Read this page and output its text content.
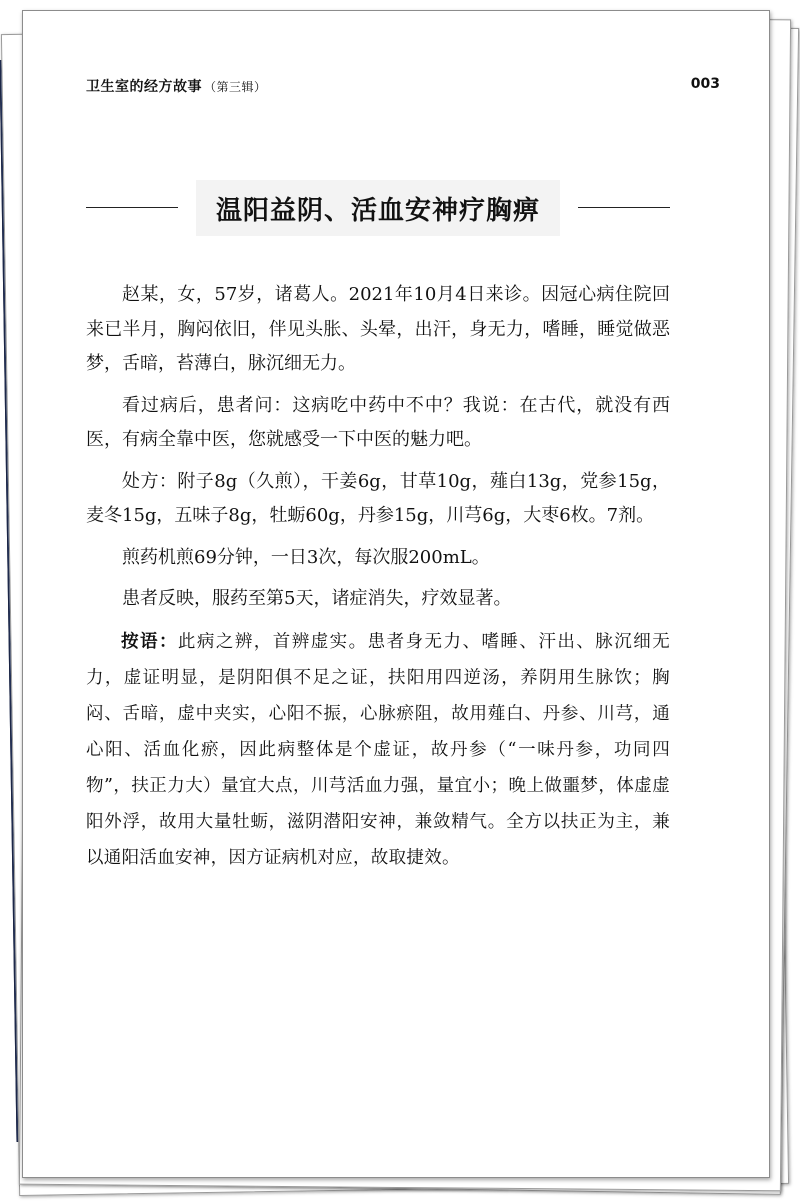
卫生室的经方故事 （第三辑）	003
温阳益阴、活血安神疗胸痹

赵某，女，57岁，诸葛人。2021年10月4日来诊。因冠心病住院回来已半月，胸闷依旧，伴见头胀、头晕，出汗，身无力，嗜睡，睡觉做恶梦，舌暗，苔薄白，脉沉细无力。

看过病后，患者问：这病吃中药中不中？我说：在古代，就没有西医，有病全靠中医，您就感受一下中医的魅力吧。

处方：附子8g（久煎），干姜6g，甘草10g，薤白13g，党参15g，麦冬15g，五味子8g，牡蛎60g，丹参15g，川芎6g，大枣6枚。7剂。

煎药机煎69分钟，一日3次，每次服200mL。

患者反映，服药至第5天，诸症消失，疗效显著。

按语：此病之辨，首辨虚实。患者身无力、嗜睡、汗出、脉沉细无力，虚证明显，是阴阳俱不足之证，扶阳用四逆汤，养阴用生脉饮；胸闷、舌暗，虚中夹实，心阳不振，心脉瘀阻，故用薤白、丹参、川芎，通心阳、活血化瘀，因此病整体是个虚证，故丹参（“一味丹参，功同四物”，扶正力大）量宜大点，川芎活血力强，量宜小；晚上做噩梦，体虚虚阳外浮，故用大量牡蛎，滋阴潜阳安神，兼敛精气。全方以扶正为主，兼以通阳活血安神，因方证病机对应，故取捷效。
